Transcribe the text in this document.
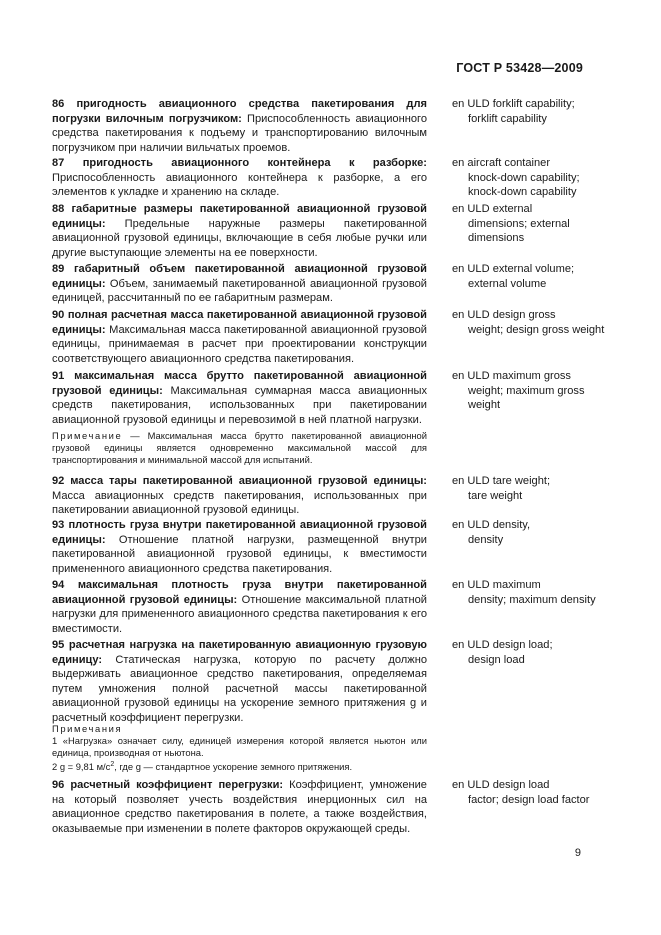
ГОСТ Р 53428—2009
86 пригодность авиационного средства пакетирования для погрузки вилочным погрузчиком: Приспособленность авиационного средства пакетирования к подъему и транспортированию вилочным погрузчиком при наличии вильчатых проемов.
en ULD forklift capability;
forklift capability
87 пригодность авиационного контейнера к разборке: Приспособленность авиационного контейнера к разборке, а его элементов к укладке и хранению на складе.
en aircraft container
knock-down capability; knock-down capability
88 габаритные размеры пакетированной авиационной грузовой единицы: Предельные наружные размеры пакетированной авиационной грузовой единицы, включающие в себя любые ручки или другие выступающие элементы на ее поверхности.
en ULD external
dimensions; external dimensions
89 габаритный объем пакетированной авиационной грузовой единицы: Объем, занимаемый пакетированной авиационной грузовой единицей, рассчитанный по ее габаритным размерам.
en ULD external volume;
external volume
90 полная расчетная масса пакетированной авиационной грузовой единицы: Максимальная масса пакетированной авиационной грузовой единицы, принимаемая в расчет при проектировании конструкции соответствующего авиационного средства пакетирования.
en ULD design gross
weight; design gross weight
91 максимальная масса брутто пакетированной авиационной грузовой единицы: Максимальная суммарная масса авиационных средств пакетирования, использованных при пакетировании авиационной грузовой единицы и перевозимой в ней платной нагрузки.
en ULD maximum gross
weight; maximum gross weight
Примечание — Максимальная масса брутто пакетированной авиационной грузовой единицы является одновременно максимальной массой для транспортирования и минимальной массой для испытаний.
92 масса тары пакетированной авиационной грузовой единицы: Масса авиационных средств пакетирования, использованных при пакетировании авиационной грузовой единицы.
en ULD tare weight;
tare weight
93 плотность груза внутри пакетированной авиационной грузовой единицы: Отношение платной нагрузки, размещенной внутри пакетированной авиационной грузовой единицы, к вместимости примененного авиационного средства пакетирования.
en ULD density,
density
94 максимальная плотность груза внутри пакетированной авиационной грузовой единицы: Отношение максимальной платной нагрузки для примененного авиационного средства пакетирования к его вместимости.
en ULD maximum
density; maximum density
95 расчетная нагрузка на пакетированную авиационную грузовую единицу: Статическая нагрузка, которую по расчету должно выдерживать авиационное средство пакетирования, определяемая путем умножения полной расчетной массы пакетированной авиационной грузовой единицы на ускорение земного притяжения g и расчетный коэффициент перегрузки.
en ULD design load;
design load
Примечания
1 «Нагрузка» означает силу, единицей измерения которой является ньютон или единица, производная от ньютона.
2 g = 9,81 $м/с^2$, где g — стандартное ускорение земного притяжения.
96 расчетный коэффициент перегрузки: Коэффициент, умножение на который позволяет учесть воздействия инерционных сил на авиационное средство пакетирования в полете, а также воздействия, оказываемые при изменении в полете факторов окружающей среды.
en ULD design load
factor; design load factor
9
